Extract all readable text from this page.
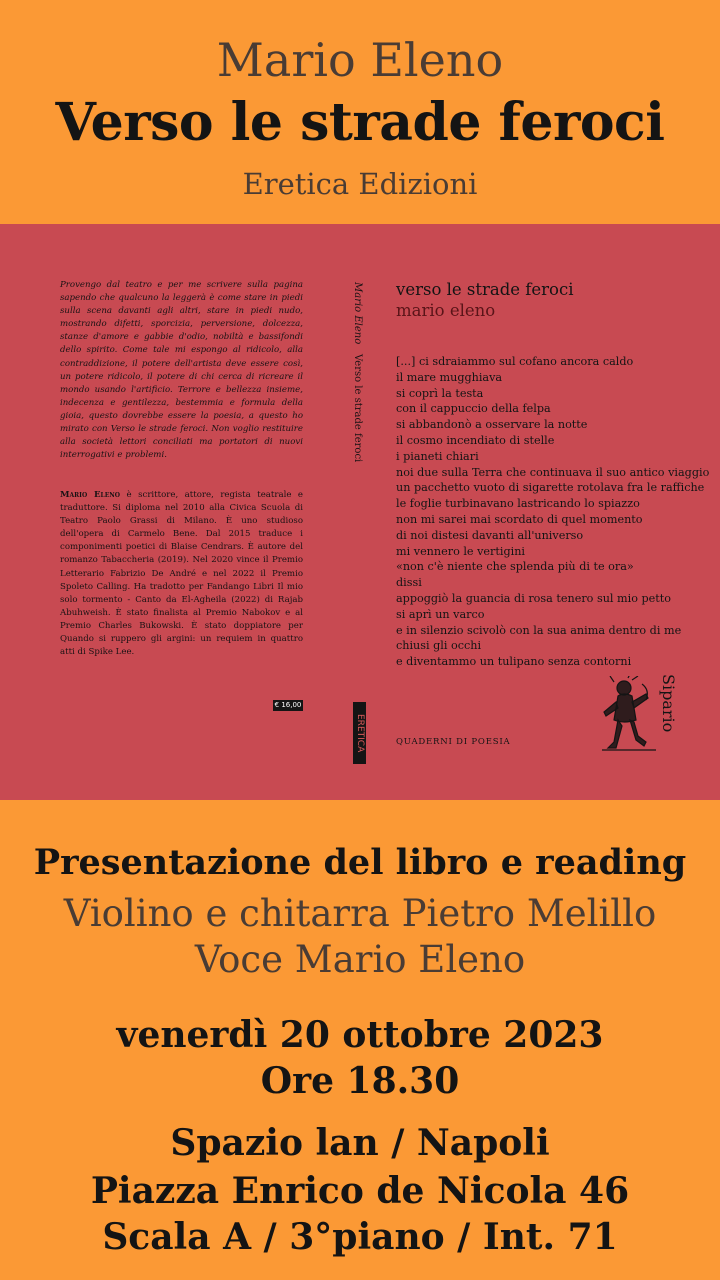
Mario Eleno
Verso le strade feroci
Eretica Edizioni
Provengo dal teatro e per me scrivere sulla pagina sapendo che qualcuno la leggerà è come stare in piedi sulla scena davanti agli altri, stare in piedi nudo, mostrando difetti, sporcizia, perversione, dolcezza, stanze d'amore e gabbie d'odio, nobiltà e bassifondi dello spirito. Come tale mi espongo al ridicolo, alla contraddizione, il potere dell'artista deve essere così, un potere ridicolo, il potere di chi cerca di ricreare il mondo usando l'artificio. Terrore e bellezza insieme, indecenza e gentilezza, bestemmia e formula della gioia, questo dovrebbe essere la poesia, a questo ho mirato con Verso le strade feroci. Non voglio restituire alla società lettori conciliati ma portatori di nuovi interrogativi e problemi.
Mario Eleno è scrittore, attore, regista teatrale e traduttore. Si diploma nel 2010 alla Civica Scuola di Teatro Paolo Grassi di Milano. È uno studioso dell'opera di Carmelo Bene. Dal 2015 traduce i componimenti poetici di Blaise Cendrars. È autore del romanzo Tabaccheria (2019). Nel 2020 vince il Premio Letterario Fabrizio De André e nel 2022 il Premio Spoleto Calling. Ha tradotto per Fandango Libri Il mio solo tormento - Canto da El-Agheila (2022) di Rajab Abuhweish. È stato finalista al Premio Nabokov e al Premio Charles Bukowski. È stato doppiatore per Quando si ruppero gli argini: un requiem in quattro atti di Spike Lee.
€ 16,00
Mario Eleno
Verso le strade feroci
ERETICA
verso le strade feroci
mario eleno
[...] ci sdraiammo sul cofano ancora caldo
il mare mugghiava
si coprì la testa
con il cappuccio della felpa
si abbandonò a osservare la notte
il cosmo incendiato di stelle
i pianeti chiari
noi due sulla Terra che continuava il suo antico viaggio
un pacchetto vuoto di sigarette rotolava fra le raffiche
le foglie turbinavano lastricando lo spiazzo
non mi sarei mai scordato di quel momento
di noi distesi davanti all'universo
mi vennero le vertigini
«non c'è niente che splenda più di te ora»
dissi
appoggiò la guancia di rosa tenero sul mio petto
si aprì un varco
e in silenzio scivolò con la sua anima dentro di me
chiusi gli occhi
e diventammo un tulipano senza contorni
QUADERNI DI POESIA
Sipario
Presentazione del libro e reading
Violino e chitarra Pietro Melillo
Voce Mario Eleno
venerdì 20 ottobre 2023
Ore 18.30
Spazio lan / Napoli
Piazza Enrico de Nicola 46
Scala A / 3°piano / Int. 71
